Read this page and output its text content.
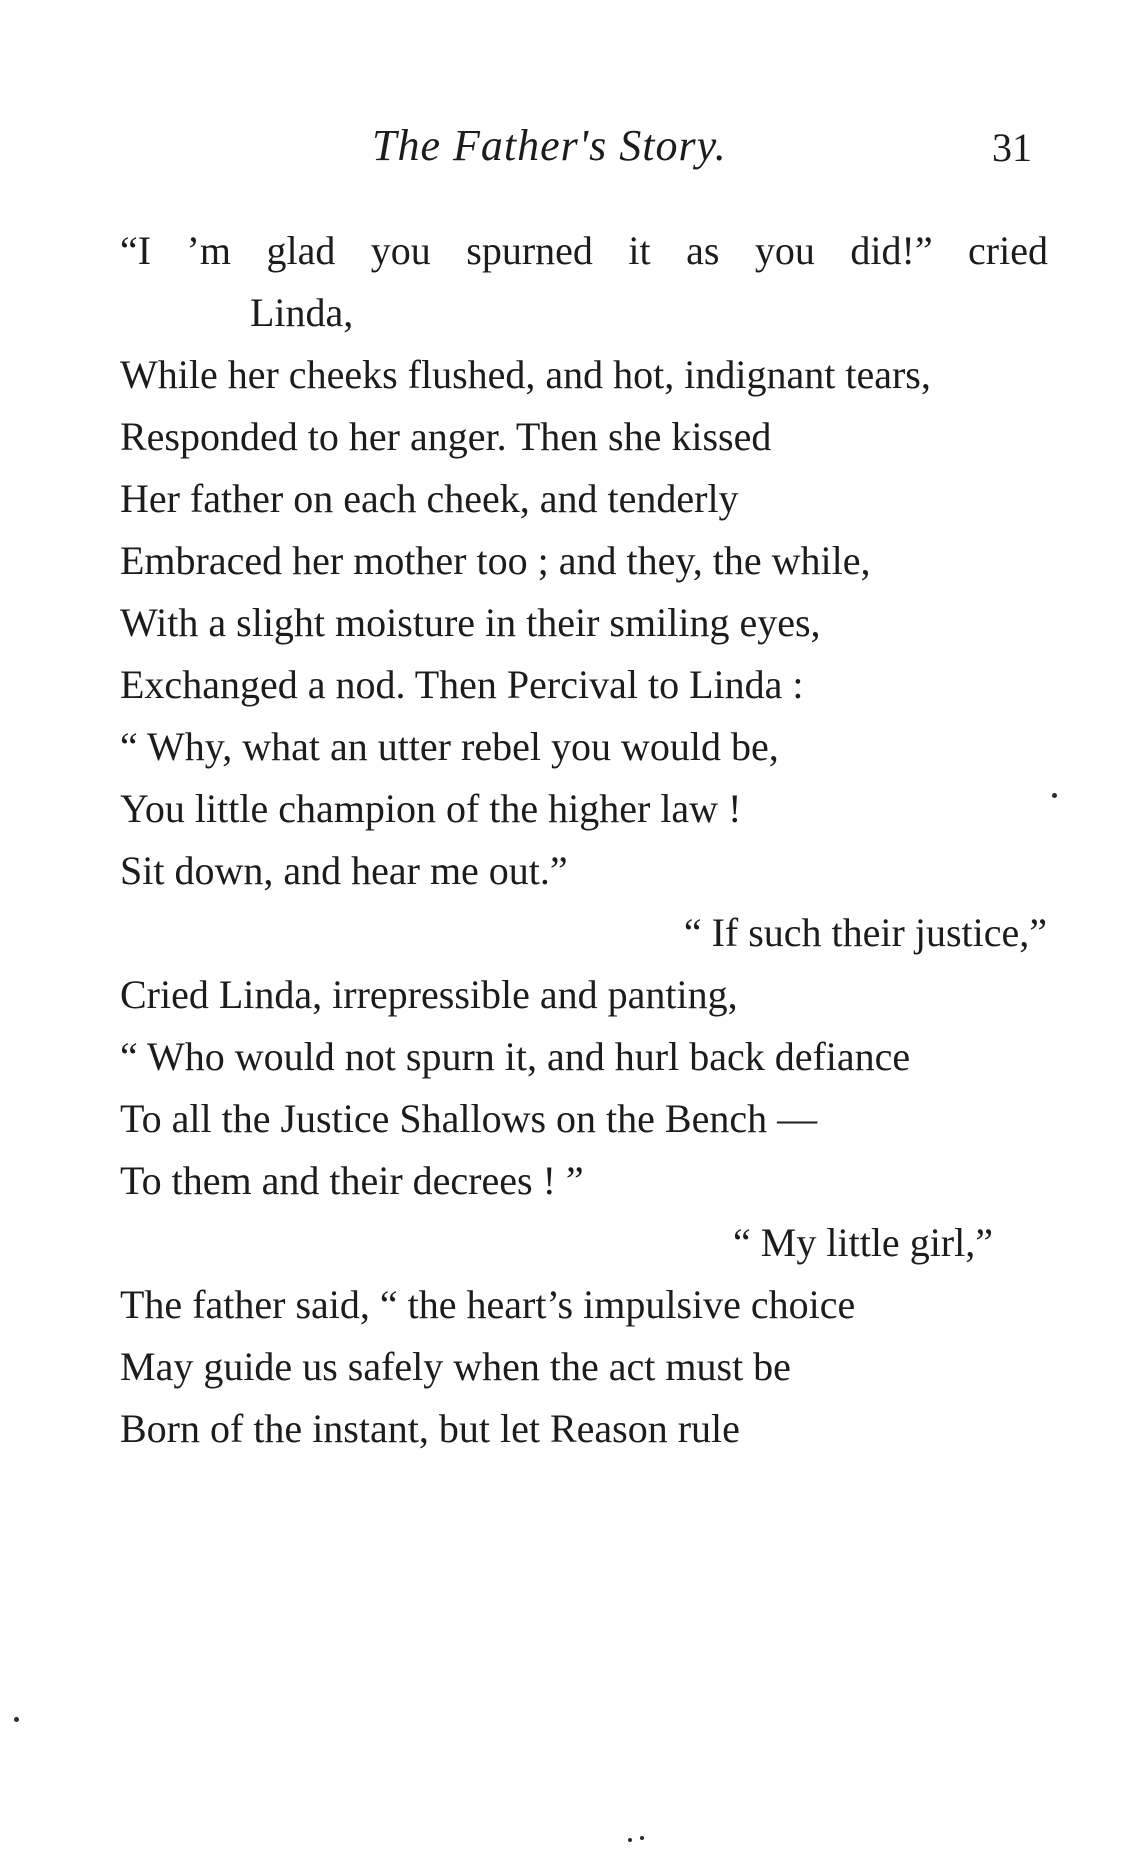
The Father's Story.	31
“I ’m glad you spurned it as you did!” cried
Linda,
While her cheeks flushed, and hot, indignant tears,
Responded to her anger. Then she kissed
Her father on each cheek, and tenderly
Embraced her mother too ; and they, the while,
With a slight moisture in their smiling eyes,
Exchanged a nod. Then Percival to Linda :
“ Why, what an utter rebel you would be,
You little champion of the higher law !
Sit down, and hear me out.”
“ If such their justice,”
Cried Linda, irrepressible and panting,
“ Who would not spurn it, and hurl back defiance
To all the Justice Shallows on the Bench —
To them and their decrees ! ”
“ My little girl,”
The father said, “ the heart’s impulsive choice
May guide us safely when the act must be
Born of the instant, but let Reason rule
